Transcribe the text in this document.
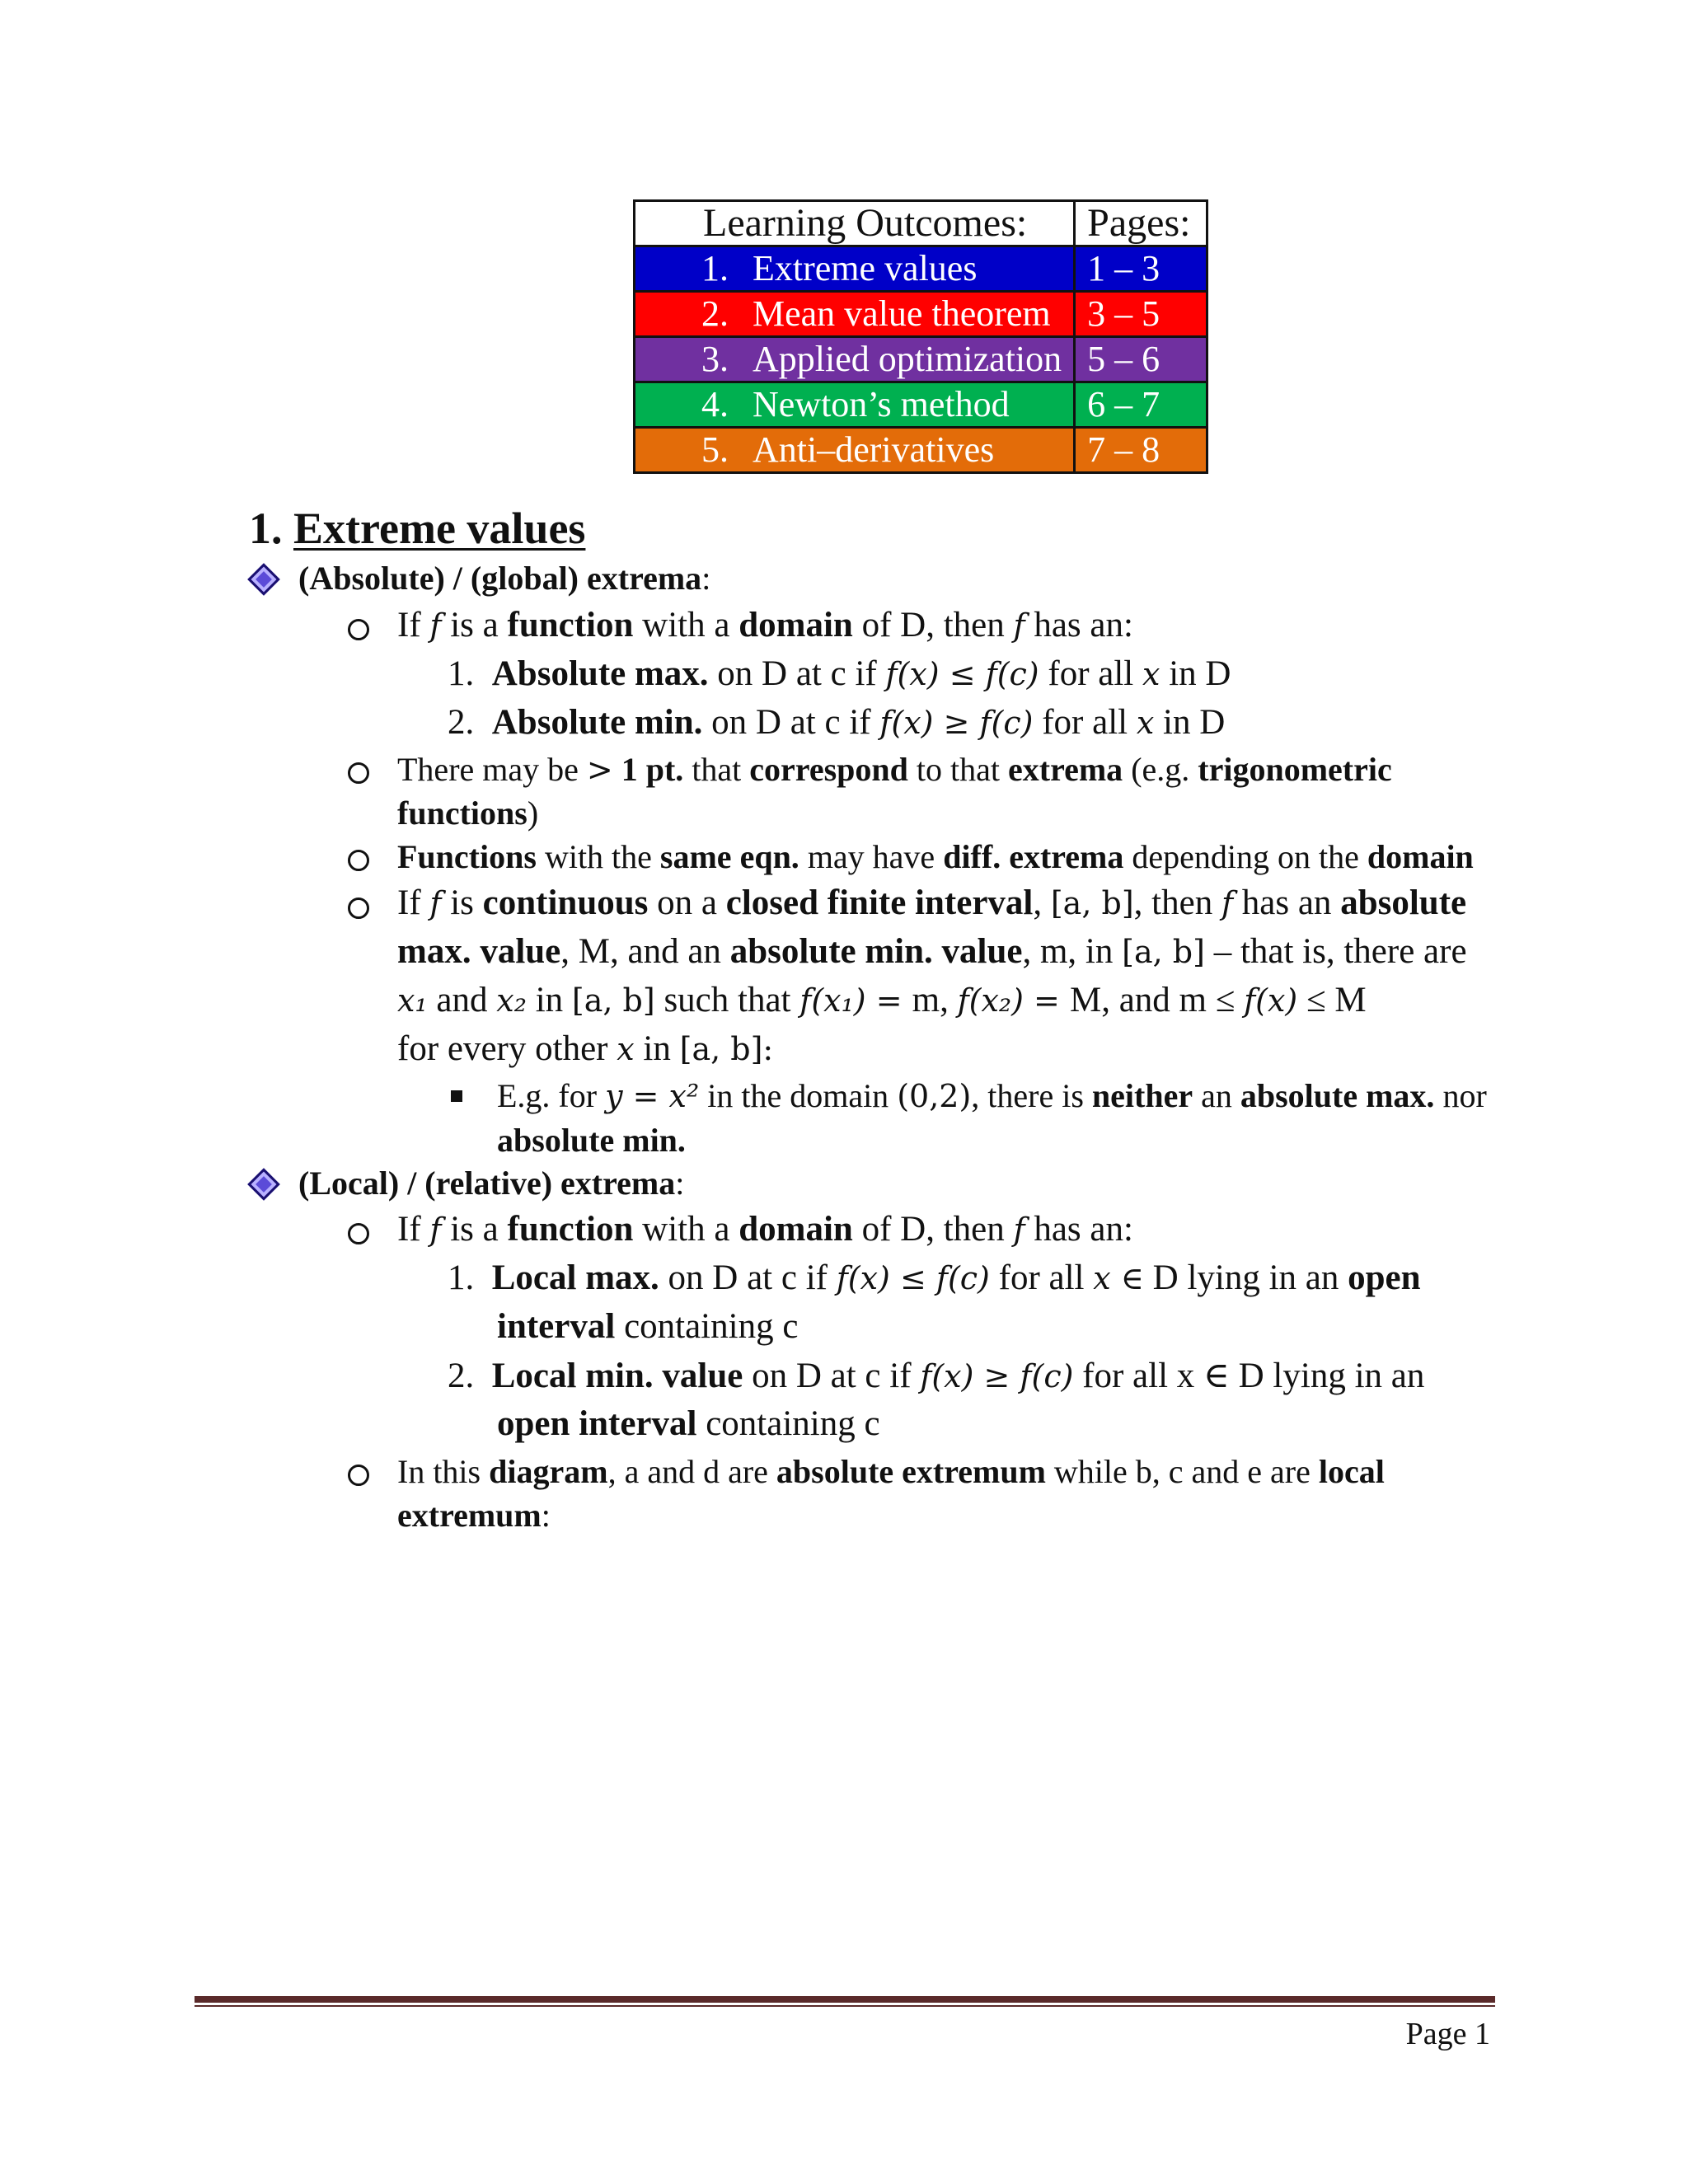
Learning Outcomes:	Pages:
1. Extreme values	1 – 3
2. Mean value theorem	3 – 5
3. Applied optimization	5 – 6
4. Newton’s method	6 – 7
5. Anti–derivatives	7 – 8
1. Extreme values
(Absolute) / (global) extrema:
If f is a function with a domain of D, then f has an:
1. Absolute max. on D at c if f(x) ≤ f(c) for all x in D
2. Absolute min. on D at c if f(x) ≥ f(c) for all x in D
There may be > 1 pt. that correspond to that extrema (e.g. trigonometric
functions)
Functions with the same eqn. may have diff. extrema depending on the domain
If f is continuous on a closed finite interval, [a, b], then f has an absolute
max. value, M, and an absolute min. value, m, in [a, b] – that is, there are
x₁ and x₂ in [a, b] such that f(x₁) = m, f(x₂) = M, and m ≤ f(x) ≤ M
for every other x in [a, b]:
E.g. for y = x² in the domain (0,2), there is neither an absolute max. nor
absolute min.
(Local) / (relative) extrema:
If f is a function with a domain of D, then f has an:
1. Local max. on D at c if f(x) ≤ f(c) for all x ∈ D lying in an open
interval containing c
2. Local min. value on D at c if f(x) ≥ f(c) for all x ∈ D lying in an
open interval containing c
In this diagram, a and d are absolute extremum while b, c and e are local
extremum:
Page 1
